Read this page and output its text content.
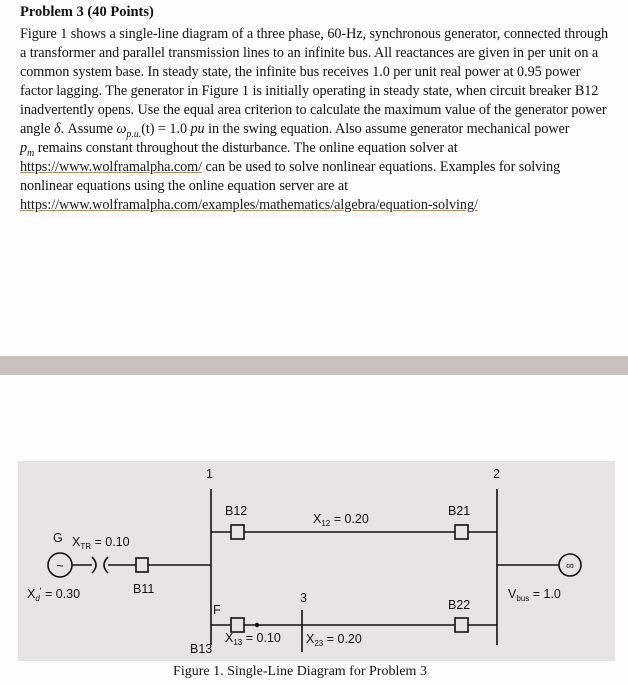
Problem 3 (40 Points)
Figure 1 shows a single-line diagram of a three phase, 60-Hz, synchronous generator, connected through
a transformer and parallel transmission lines to an infinite bus. All reactances are given in per unit on a
common system base. In steady state, the infinite bus receives 1.0 per unit real power at 0.95 power
factor lagging. The generator in Figure 1 is initially operating in steady state, when circuit breaker B12
inadvertently opens. Use the equal area criterion to calculate the maximum value of the generator power
angle δ. Assume $\omega_{p.u.}(t) = 1.0$ pu in the swing equation. Also assume generator mechanical power
$p_m$ remains constant throughout the disturbance. The online equation solver at
https://www.wolframalpha.com/ can be used to solve nonlinear equations. Examples for solving
nonlinear equations using the online equation server are at
https://www.wolframalpha.com/examples/mathematics/algebra/equation-solving/
~	∞
1	2
3
G $X_{TR} = 0.10$
$X_d' = 0.30$	B11
B12	B21
B13
B22
$X_{12} = 0.20$
$X_{13} = 0.10$ $X_{23} = 0.20$
F
$V_{bus} = 1.0$
Figure 1. Single-Line Diagram for Problem 3
